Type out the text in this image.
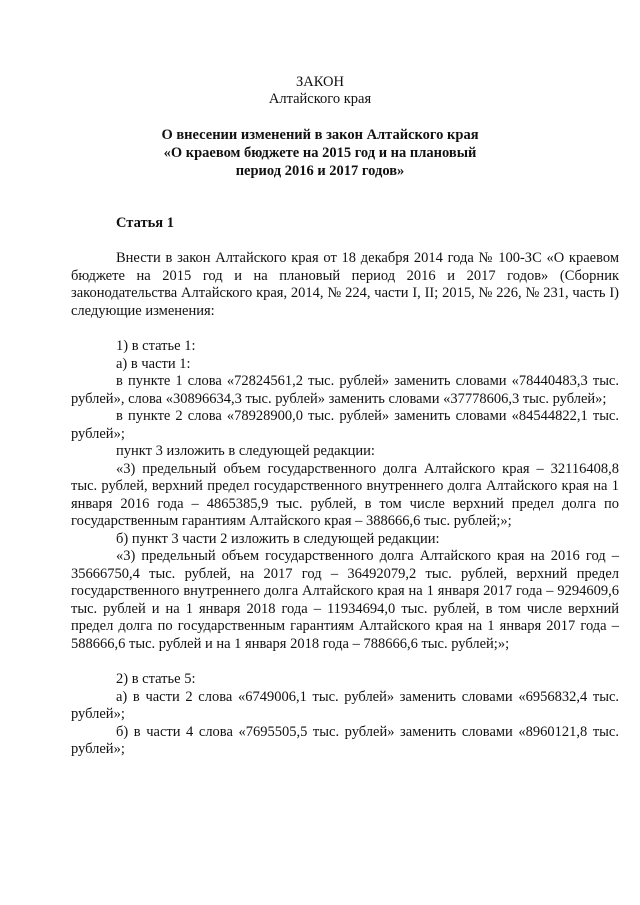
ЗАКОН
Алтайского края
О внесении изменений в закон Алтайского края
«О краевом бюджете на 2015 год и на плановый
период 2016 и 2017 годов»
Статья 1

Внести в закон Алтайского края от 18 декабря 2014 года № 100-ЗС «О краевом бюджете на 2015 год и на плановый период 2016 и 2017 годов» (Сборник законодательства Алтайского края, 2014, № 224, части I, II; 2015, № 226, № 231, часть I) следующие изменения:

1) в статье 1:

а) в части 1:

в пункте 1 слова «72824561,2 тыс. рублей» заменить словами «78440483,3 тыс. рублей», слова «30896634,3 тыс. рублей» заменить словами «37778606,3 тыс. рублей»;

в пункте 2 слова «78928900,0 тыс. рублей» заменить словами «84544822,1 тыс. рублей»;

пункт 3 изложить в следующей редакции:

«3) предельный объем государственного долга Алтайского края – 32116408,8 тыс. рублей, верхний предел государственного внутреннего долга Алтайского края на 1 января 2016 года – 4865385,9 тыс. рублей, в том числе верхний предел долга по государственным гарантиям Алтайского края – 388666,6 тыс. рублей;»;

б) пункт 3 части 2 изложить в следующей редакции:

«3) предельный объем государственного долга Алтайского края на 2016 год – 35666750,4 тыс. рублей, на 2017 год – 36492079,2 тыс. рублей, верхний предел государственного внутреннего долга Алтайского края на 1 января 2017 года – 9294609,6 тыс. рублей и на 1 января 2018 года – 11934694,0 тыс. рублей, в том числе верхний предел долга по государственным гарантиям Алтайского края на 1 января 2017 года – 588666,6 тыс. рублей и на 1 января 2018 года – 788666,6 тыс. рублей;»;

2) в статье 5:

а) в части 2 слова «6749006,1 тыс. рублей» заменить словами «6956832,4 тыс. рублей»;

б) в части 4 слова «7695505,5 тыс. рублей» заменить словами «8960121,8 тыс. рублей»;
